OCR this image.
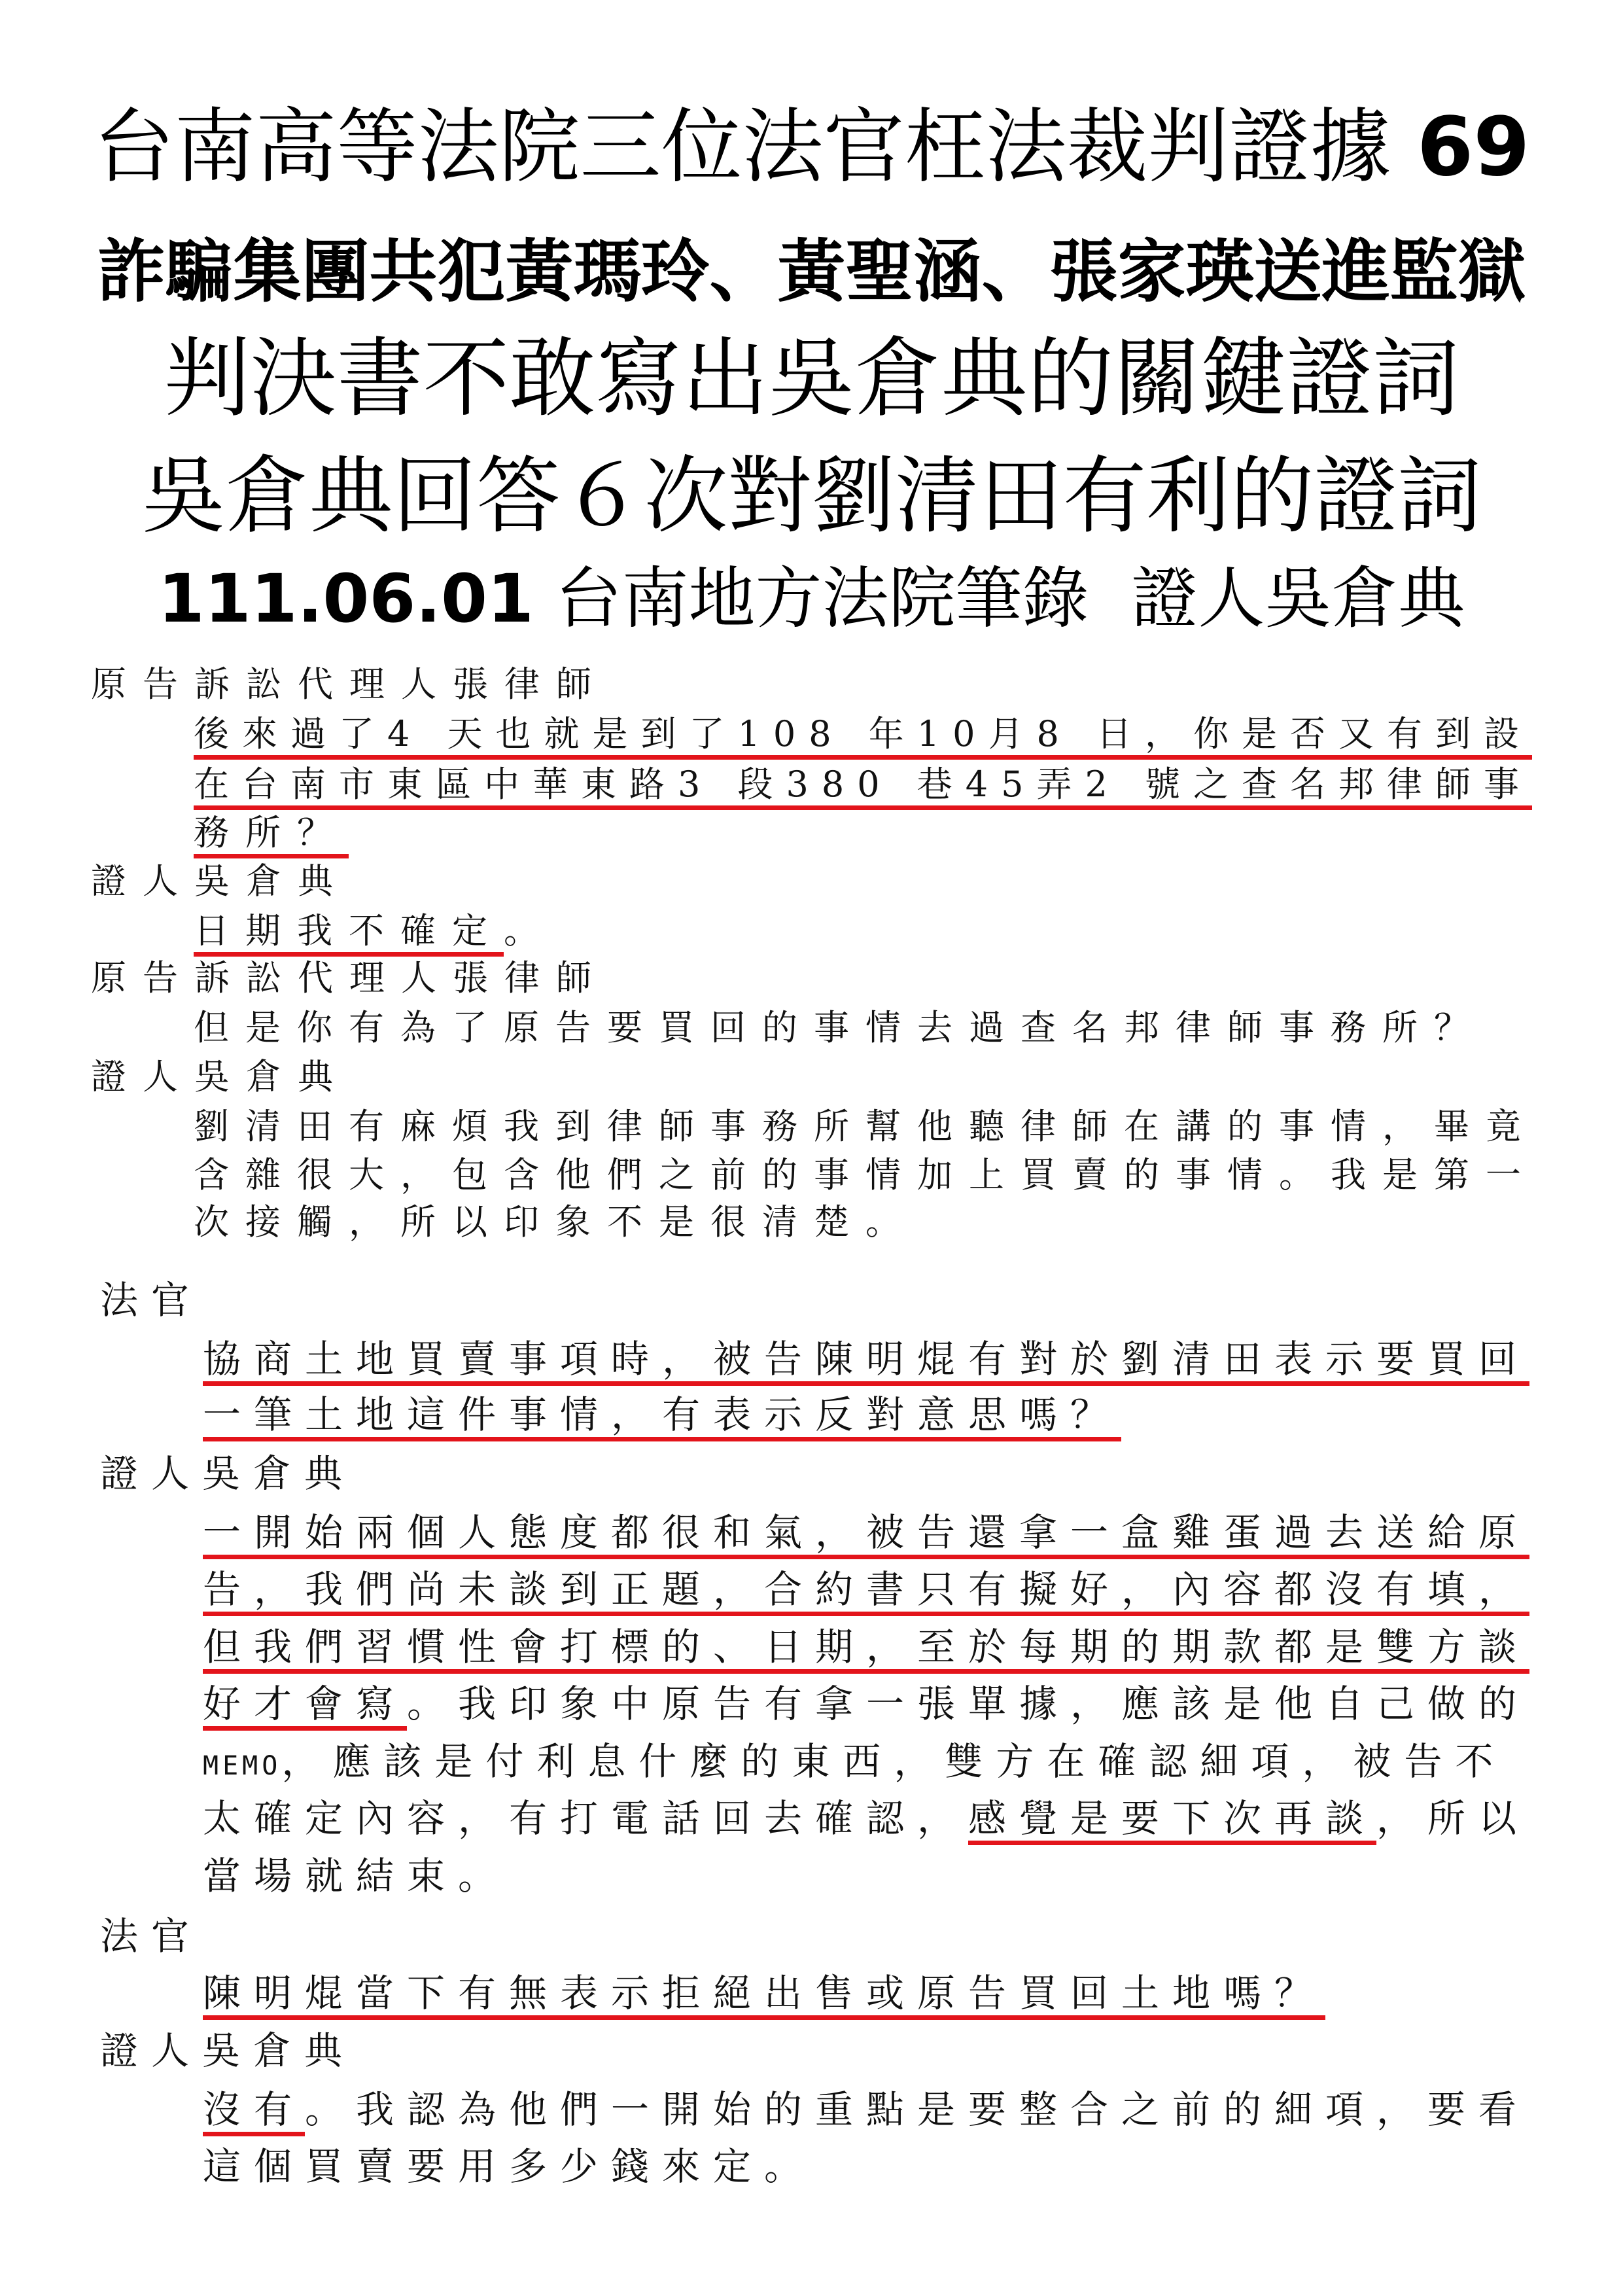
台南高等法院三位法官枉法裁判證據 69
詐騙集團共犯黃瑪玲、黃聖涵、張家瑛送進監獄
判決書不敢寫出吳倉典的關鍵證詞
吳倉典回答６次對劉清田有利的證詞
111.06.01 台南地方法院筆錄  證人吳倉典
原告訴訟代理人張律師
後來過了4 天也就是到了108 年10月8 日，你是否又有到設
在台南市東區中華東路3 段380 巷45弄2 號之查名邦律師事
務所？
證人吳倉典
日期我不確定。
原告訴訟代理人張律師
但是你有為了原告要買回的事情去過查名邦律師事務所？
證人吳倉典
劉清田有麻煩我到律師事務所幫他聽律師在講的事情，畢竟
含雜很大，包含他們之前的事情加上買賣的事情。我是第一
次接觸，所以印象不是很清楚。
法官
協商土地買賣事項時，被告陳明焜有對於劉清田表示要買回
一筆土地這件事情，有表示反對意思嗎？
證人吳倉典
一開始兩個人態度都很和氣，被告還拿一盒雞蛋過去送給原
告，我們尚未談到正題，合約書只有擬好，內容都沒有填，
但我們習慣性會打標的、日期，至於每期的期款都是雙方談
好才會寫。我印象中原告有拿一張單據，應該是他自己做的
MEMO，應該是付利息什麼的東西，雙方在確認細項，被告不
太確定內容，有打電話回去確認，感覺是要下次再談，所以
當場就結束。
法官
陳明焜當下有無表示拒絕出售或原告買回土地嗎？
證人吳倉典
沒有。我認為他們一開始的重點是要整合之前的細項，要看
這個買賣要用多少錢來定。
